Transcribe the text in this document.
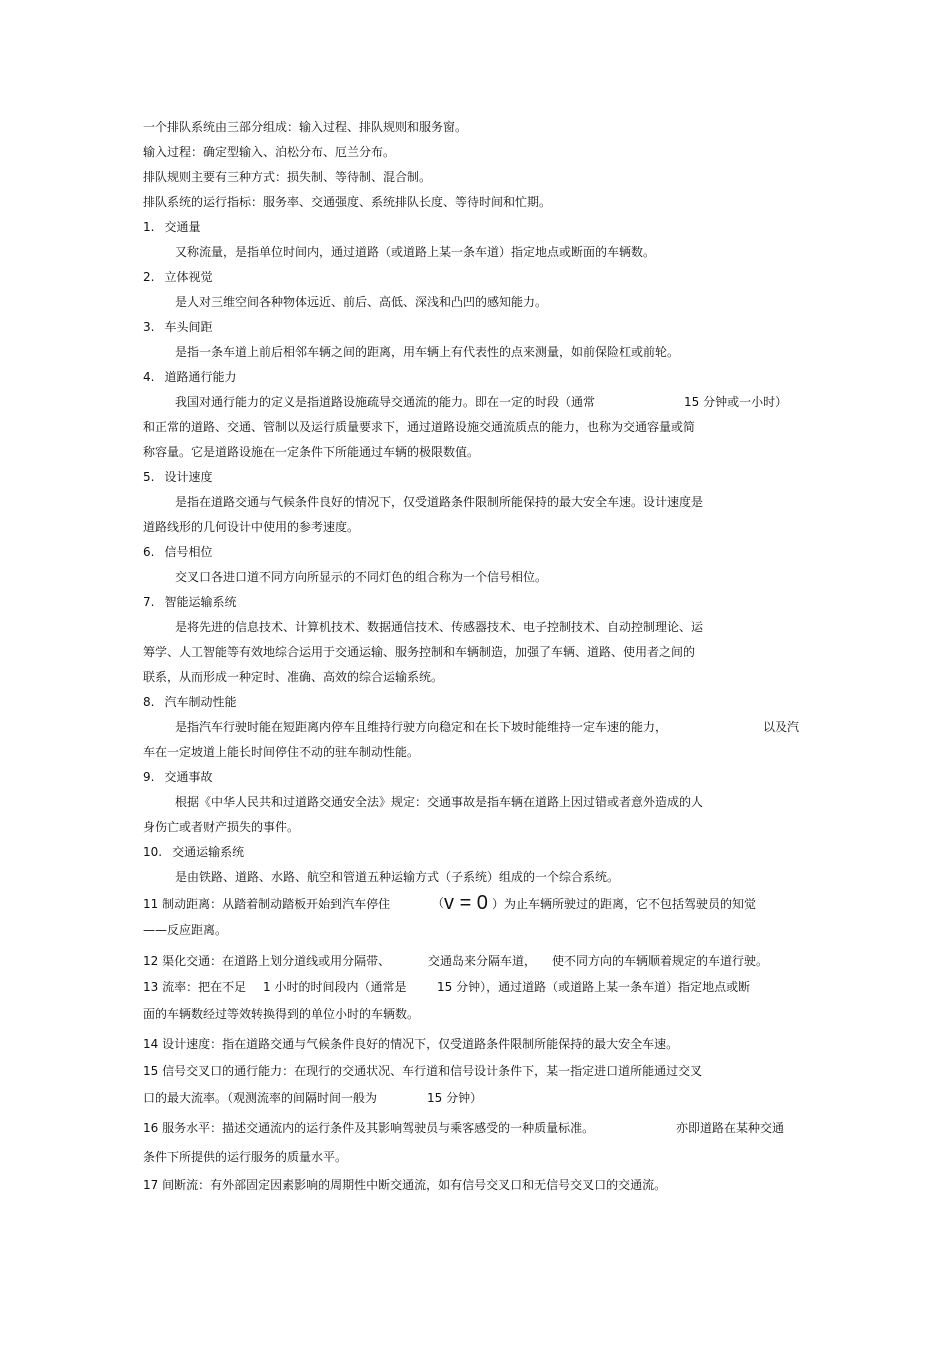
一个排队系统由三部分组成：输入过程、排队规则和服务窗。
输入过程：确定型输入、泊松分布、厄兰分布。
排队规则主要有三种方式：损失制、等待制、混合制。
排队系统的运行指标：服务率、交通强度、系统排队长度、等待时间和忙期。
1. 交通量
又称流量，是指单位时间内，通过道路（或道路上某一条车道）指定地点或断面的车辆数。
2. 立体视觉
是人对三维空间各种物体远近、前后、高低、深浅和凸凹的感知能力。
3. 车头间距
是指一条车道上前后相邻车辆之间的距离，用车辆上有代表性的点来测量，如前保险杠或前轮。
4. 道路通行能力
我国对通行能力的定义是指道路设施疏导交通流的能力。即在一定的时段（通常	15 分钟或一小时）
和正常的道路、交通、管制以及运行质量要求下，通过道路设施交通流质点的能力，也称为交通容量或简
称容量。它是道路设施在一定条件下所能通过车辆的极限数值。
5. 设计速度
是指在道路交通与气候条件良好的情况下，仅受道路条件限制所能保持的最大安全车速。设计速度是
道路线形的几何设计中使用的参考速度。
6. 信号相位
交叉口各进口道不同方向所显示的不同灯色的组合称为一个信号相位。
7. 智能运输系统
是将先进的信息技术、计算机技术、数据通信技术、传感器技术、电子控制技术、自动控制理论、运
筹学、人工智能等有效地综合运用于交通运输、服务控制和车辆制造，加强了车辆、道路、使用者之间的
联系，从而形成一种定时、准确、高效的综合运输系统。
8. 汽车制动性能
是指汽车行驶时能在短距离内停车且维持行驶方向稳定和在长下坡时能维持一定车速的能力，	以及汽
车在一定坡道上能长时间停住不动的驻车制动性能。
9. 交通事故
根据《中华人民共和过道路交通安全法》规定：交通事故是指车辆在道路上因过错或者意外造成的人
身伤亡或者财产损失的事件。
10. 交通运输系统
是由铁路、道路、水路、航空和管道五种运输方式（子系统）组成的一个综合系统。
11 制动距离：从踏着制动踏板开始到汽车停住	（v = 0 ）为止车辆所驶过的距离，它不包括驾驶员的知觉
——反应距离。
12 渠化交通：在道路上划分道线或用分隔带、	交通岛来分隔车道， 使不同方向的车辆顺着规定的车道行驶。
13 流率：把在不足 1 小时的时间段内（通常是	15 分钟），通过道路（或道路上某一条车道）指定地点或断
面的车辆数经过等效转换得到的单位小时的车辆数。
14 设计速度：指在道路交通与气候条件良好的情况下，仅受道路条件限制所能保持的最大安全车速。
15 信号交叉口的通行能力：在现行的交通状况、车行道和信号设计条件下，某一指定进口道所能通过交叉
口的最大流率。（观测流率的间隔时间一般为	15 分钟）
16 服务水平：描述交通流内的运行条件及其影响驾驶员与乘客感受的一种质量标准。	亦即道路在某种交通
条件下所提供的运行服务的质量水平。
17 间断流：有外部固定因素影响的周期性中断交通流，如有信号交叉口和无信号交叉口的交通流。
